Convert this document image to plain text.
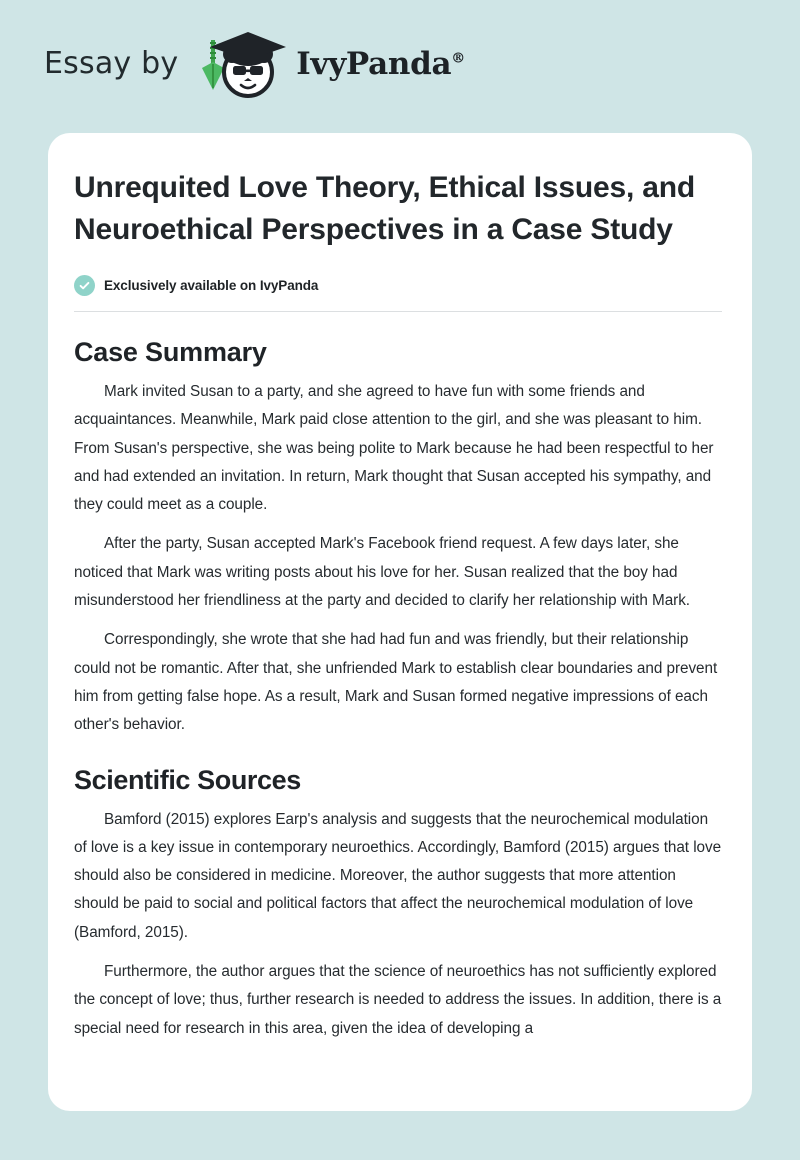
Essay by	IvyPanda®
Unrequited Love Theory, Ethical Issues, and Neuroethical Perspectives in a Case Study
Exclusively available on IvyPanda
Case Summary

Mark invited Susan to a party, and she agreed to have fun with some friends and acquaintances. Meanwhile, Mark paid close attention to the girl, and she was pleasant to him. From Susan's perspective, she was being polite to Mark because he had been respectful to her and had extended an invitation. In return, Mark thought that Susan accepted his sympathy, and they could meet as a couple.

After the party, Susan accepted Mark's Facebook friend request. A few days later, she noticed that Mark was writing posts about his love for her. Susan realized that the boy had misunderstood her friendliness at the party and decided to clarify her relationship with Mark.

Correspondingly, she wrote that she had had fun and was friendly, but their relationship could not be romantic. After that, she unfriended Mark to establish clear boundaries and prevent him from getting false hope. As a result, Mark and Susan formed negative impressions of each other's behavior.

Scientific Sources

Bamford (2015) explores Earp's analysis and suggests that the neurochemical modulation of love is a key issue in contemporary neuroethics. Accordingly, Bamford (2015) argues that love should also be considered in medicine. Moreover, the author suggests that more attention should be paid to social and political factors that affect the neurochemical modulation of love (Bamford, 2015).

Furthermore, the author argues that the science of neuroethics has not sufficiently explored the concept of love; thus, further research is needed to address the issues. In addition, there is a special need for research in this area, given the idea of developing a
